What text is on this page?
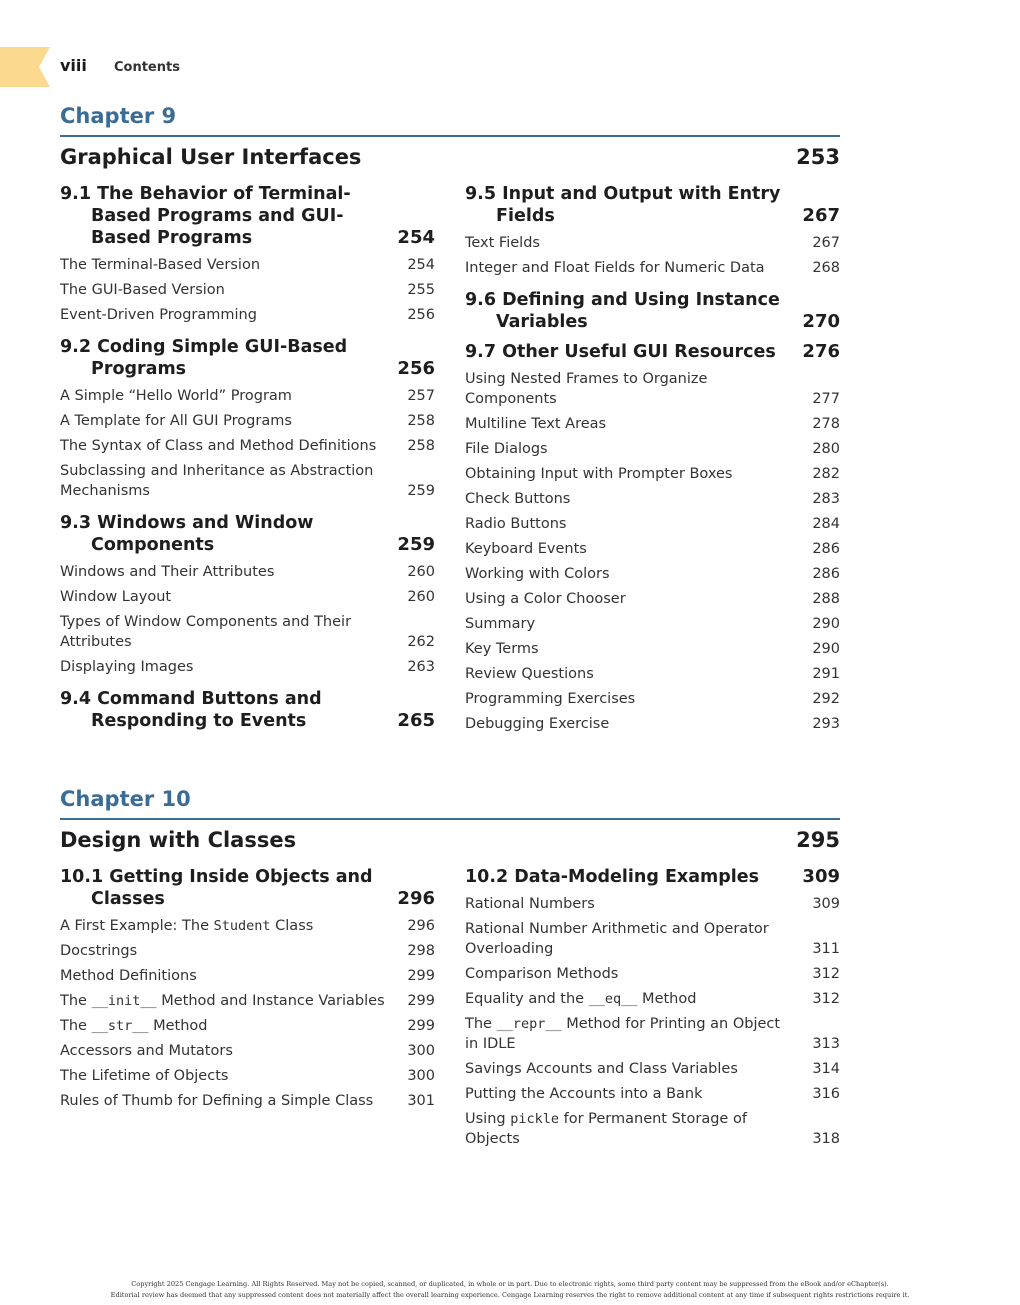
viii Contents
Chapter 9
Graphical User Interfaces	253
9.1 The Behavior of Terminal-Based Programs and GUI-Based Programs	254
The Terminal-Based Version	254
The GUI-Based Version	255
Event-Driven Programming	256
9.2 Coding Simple GUI-Based Programs	256
A Simple “Hello World” Program	257
A Template for All GUI Programs	258
The Syntax of Class and Method Definitions	258
Subclassing and Inheritance as Abstraction Mechanisms	259
9.3 Windows and Window Components	259
Windows and Their Attributes	260
Window Layout	260
Types of Window Components and Their Attributes	262
Displaying Images	263
9.4 Command Buttons and Responding to Events	265
9.5 Input and Output with Entry Fields	267
Text Fields	267
Integer and Float Fields for Numeric Data	268
9.6 Defining and Using Instance Variables	270
9.7 Other Useful GUI Resources 276
Using Nested Frames to Organize Components	277
Multiline Text Areas	278
File Dialogs	280
Obtaining Input with Prompter Boxes	282
Check Buttons	283
Radio Buttons	284
Keyboard Events	286
Working with Colors	286
Using a Color Chooser	288
Summary	290
Key Terms	290
Review Questions	291
Programming Exercises	292
Debugging Exercise	293
Chapter 10
Design with Classes	295
10.1 Getting Inside Objects and Classes	296
A First Example: The Student Class	296
Docstrings	298
Method Definitions	299
The __init__ Method and Instance Variables	299
The __str__ Method	299
Accessors and Mutators	300
The Lifetime of Objects	300
Rules of Thumb for Defining a Simple Class	301
10.2 Data-Modeling Examples 309
Rational Numbers	309
Rational Number Arithmetic and Operator Overloading	311
Comparison Methods	312
Equality and the __eq__ Method	312
The __repr__ Method for Printing an Object in IDLE	313
Savings Accounts and Class Variables	314
Putting the Accounts into a Bank	316
Using pickle for Permanent Storage of Objects	318
Copyright 2025 Cengage Learning. All Rights Reserved. May not be copied, scanned, or duplicated, in whole or in part. Due to electronic rights, some third party content may be suppressed from the eBook and/or eChapter(s).
Editorial review has deemed that any suppressed content does not materially affect the overall learning experience. Cengage Learning reserves the right to remove additional content at any time if subsequent rights restrictions require it.
